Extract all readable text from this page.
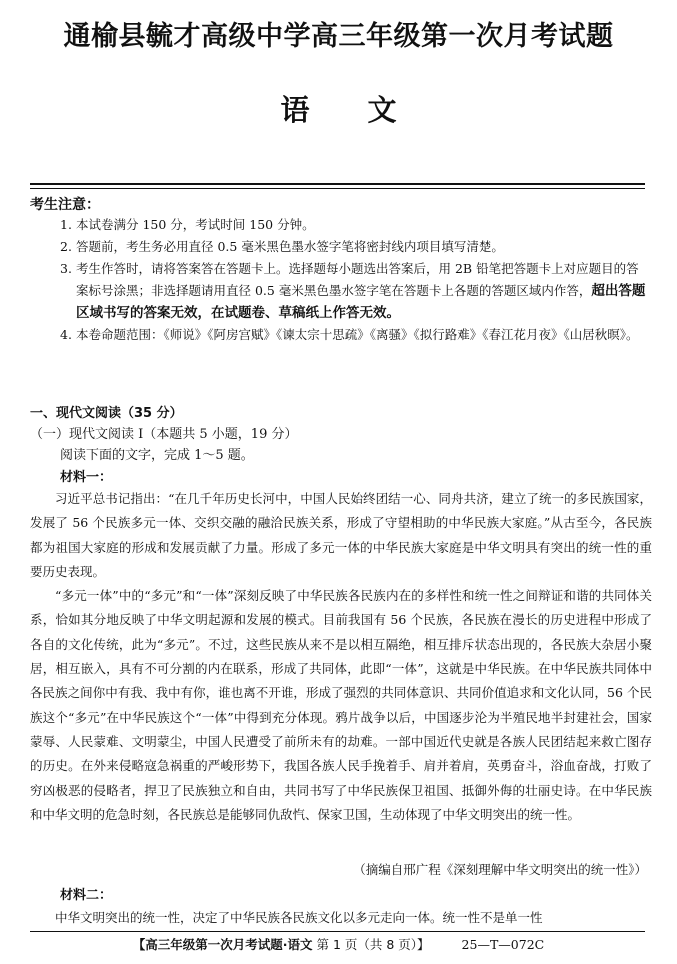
通榆县毓才高级中学高三年级第一次月考试题
语文
考生注意：
1. 本试卷满分 150 分，考试时间 150 分钟。
2. 答题前，考生务必用直径 0.5 毫米黑色墨水签字笔将密封线内项目填写清楚。
3. 考生作答时，请将答案答在答题卡上。选择题每小题选出答案后，用 2B 铅笔把答题卡上对应题目的答案标号涂黑；非选择题请用直径 0.5 毫米黑色墨水签字笔在答题卡上各题的答题区域内作答，超出答题区域书写的答案无效，在试题卷、草稿纸上作答无效。
4. 本卷命题范围：《师说》《阿房宫赋》《谏太宗十思疏》《离骚》《拟行路难》《春江花月夜》《山居秋暝》。
一、现代文阅读（35 分）
（一）现代文阅读 Ⅰ（本题共 5 小题，19 分）
阅读下面的文字，完成 1～5 题。
材料一：

习近平总书记指出：“在几千年历史长河中，中国人民始终团结一心、同舟共济，建立了统一的多民族国家，发展了 56 个民族多元一体、交织交融的融洽民族关系，形成了守望相助的中华民族大家庭。”从古至今，各民族都为祖国大家庭的形成和发展贡献了力量。形成了多元一体的中华民族大家庭是中华文明具有突出的统一性的重要历史表现。

“多元一体”中的“多元”和“一体”深刻反映了中华民族各民族内在的多样性和统一性之间辩证和谐的共同体关系，恰如其分地反映了中华文明起源和发展的模式。目前我国有 56 个民族，各民族在漫长的历史进程中形成了各自的文化传统，此为“多元”。不过，这些民族从来不是以相互隔绝，相互排斥状态出现的，各民族大杂居小聚居，相互嵌入，具有不可分割的内在联系，形成了共同体，此即“一体”，这就是中华民族。在中华民族共同体中各民族之间你中有我、我中有你，谁也离不开谁，形成了强烈的共同体意识、共同价值追求和文化认同，56 个民族这个“多元”在中华民族这个“一体”中得到充分体现。鸦片战争以后，中国逐步沦为半殖民地半封建社会，国家蒙辱、人民蒙难、文明蒙尘，中国人民遭受了前所未有的劫难。一部中国近代史就是各族人民团结起来救亡图存的历史。在外来侵略寇急祸重的严峻形势下，我国各族人民手挽着手、肩并着肩，英勇奋斗，浴血奋战，打败了穷凶极恶的侵略者，捍卫了民族独立和自由，共同书写了中华民族保卫祖国、抵御外侮的壮丽史诗。在中华民族和中华文明的危急时刻，各民族总是能够同仇敌忾、保家卫国，生动体现了中华文明突出的统一性。

（摘编自邢广程《深刻理解中华文明突出的统一性》）
材料二：
中华文明突出的统一性，决定了中华民族各民族文化以多元走向一体。统一性不是单一性
【高三年级第一次月考试题·语文 第 1 页（共 8 页）】	25—T—072C
